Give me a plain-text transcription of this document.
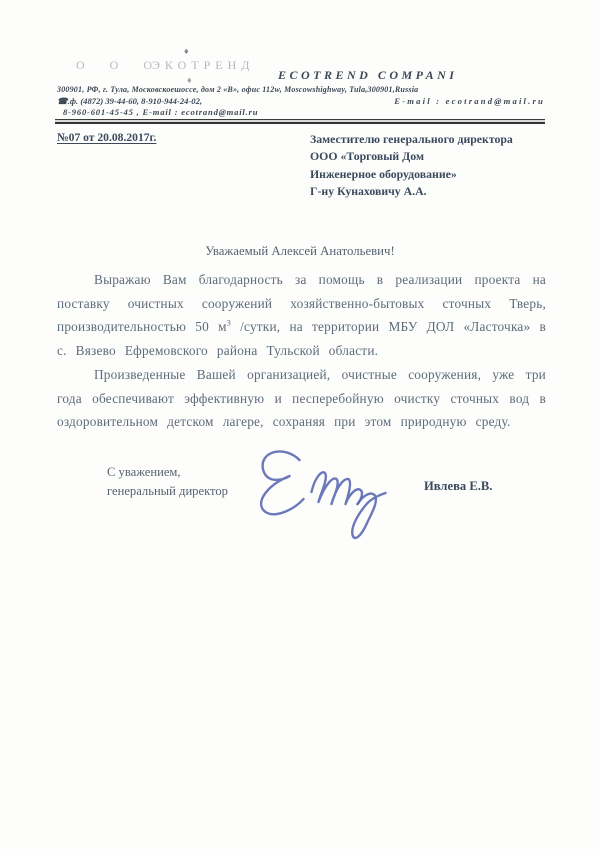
О О О
ЭКОТРЕНД
♦
♦	ECOTREND COMPANI
300901, РФ, г. Тула, Московскоешоссе, дом 2 «В», офис 112w, Moscowshighway, Tula,300901,Russia
☎.ф. (4872) 39-44-60, 8-910-944-24-02,	E-mail : ecotrand@mail.ru
8-960-601-45-45 , E-mail : ecotrand@mail.ru
№07 от 20.08.2017г.	Заместителю генерального директора
ООО «Торговый Дом
Инженерное оборудование»
Г-ну Кунаховичу А.А.
Уважаемый Алексей Анатольевич!

Выражаю Вам благодарность за помощь в реализации проекта на поставку очистных сооружений хозяйственно-бытовых сточных Тверь, производительностью 50 $м^3$ /сутки, на территории МБУ ДОЛ «Ласточка» в с. Вязево Ефремовского района Тульской области.

Произведенные Вашей организацией, очистные сооружения, уже три года обеспечивают эффективную и песперебойную очистку сточных вод в оздоровительном детском лагере, сохраняя при этом природную среду.

С уважением,
генеральный директор	Ивлева Е.В.
